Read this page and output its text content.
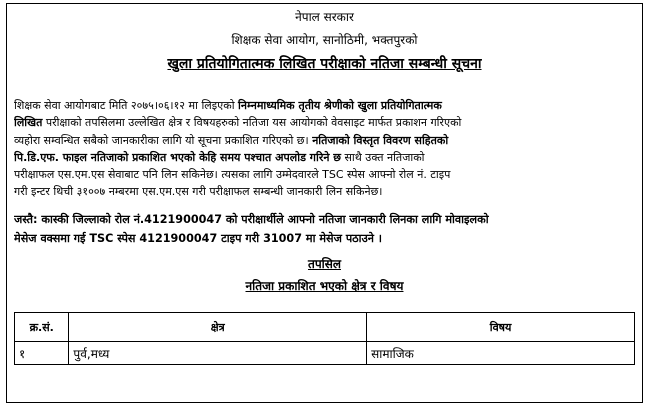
नेपाल सरकार
शिक्षक सेवा आयोग, सानोठिमी, भक्तपुरको
खुला प्रतियोगितात्मक लिखित परीक्षाको नतिजा सम्बन्धी सूचना
शिक्षक सेवा आयोगबाट मिति २०७५।०६।१२ मा लिइएको निम्नमाध्यमिक तृतीय श्रेणीको खुला प्रतियोगितात्मक
लिखित परीक्षाको तपसिलमा उल्लेखित क्षेत्र र विषयहरुको नतिजा यस आयोगको वेवसाइट मार्फत प्रकाशन गरिएको
व्यहोरा सम्वन्धित सबैको जानकारीका लागि यो सूचना प्रकाशित गरिएको छ। नतिजाको विस्तृत विवरण सहितको
पि.डि.एफ. फाइल नतिजाको प्रकाशित भएको केहि समय पश्चात अपलोड गरिने छ साथै उक्त नतिजाको
परीक्षाफल एस.एम.एस सेवाबाट पनि लिन सकिनेछ। त्यसका लागि उम्मेदवारले TSC स्पेस आफ्नो रोल नं. टाइप
गरी इन्टर थिची ३१००७ नम्बरमा एस.एम.एस गरी परीक्षाफल सम्बन्धी जानकारी लिन सकिनेछ।
जस्तै: कास्की जिल्लाको रोल नं.4121900047 को परीक्षार्थीले आफ्नो नतिजा जानकारी लिनका लागि मोवाइलको
मेसेज वक्समा गई TSC स्पेस 4121900047 टाइप गरी 31007 मा मेसेज पठाउने ।
तपसिल
नतिजा प्रकाशित भएको क्षेत्र र विषय
क्र.सं.	क्षेत्र	विषय
१	पुर्व,मध्य	सामाजिक
